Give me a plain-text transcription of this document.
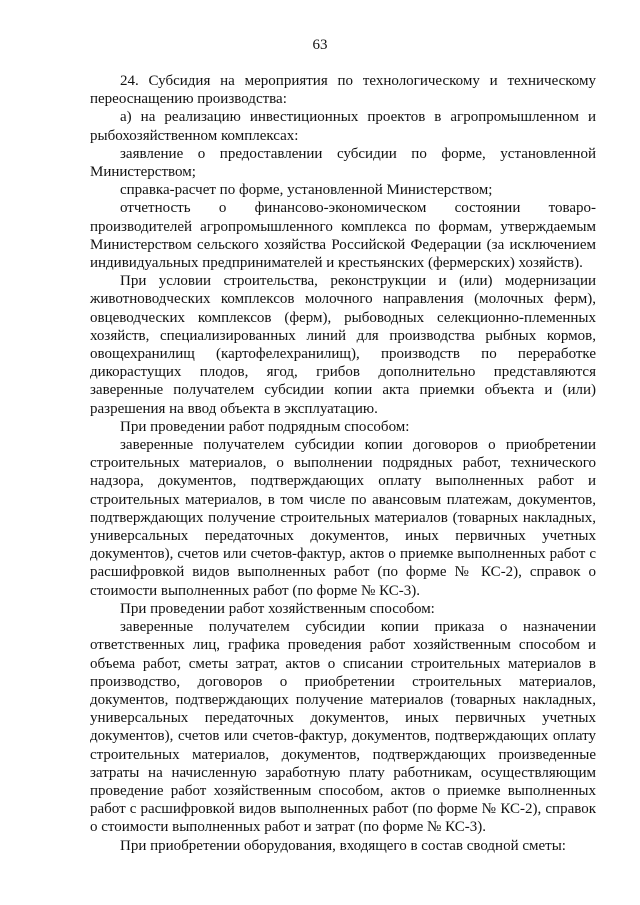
63

24. Субсидия на мероприятия по технологическому и техническому переоснащению производства:

а) на реализацию инвестиционных проектов в агропромышленном и рыбохозяйственном комплексах:

заявление о предоставлении субсидии по форме, установленной Министерством;

справка-расчет по форме, установленной Министерством;

отчетность о финансово-экономическом состоянии товаро-производителей агропромышленного комплекса по формам, утверждаемым Министерством сельского хозяйства Российской Федерации (за исключением индивидуальных предпринимателей и крестьянских (фермерских) хозяйств).

При условии строительства, реконструкции и (или) модернизации животноводческих комплексов молочного направления (молочных ферм), овцеводческих комплексов (ферм), рыбоводных селекционно-племенных хозяйств, специализированных линий для производства рыбных кормов, овощехранилищ (картофелехранилищ), производств по переработке дикорастущих плодов, ягод, грибов дополнительно представляются заверенные получателем субсидии копии акта приемки объекта и (или) разрешения на ввод объекта в эксплуатацию.

При проведении работ подрядным способом:

заверенные получателем субсидии копии договоров о приобретении строительных материалов, о выполнении подрядных работ, технического надзора, документов, подтверждающих оплату выполненных работ и строительных материалов, в том числе по авансовым платежам, документов, подтверждающих получение строительных материалов (товарных накладных, универсальных передаточных документов, иных первичных учетных документов), счетов или счетов-фактур, актов о приемке выполненных работ с расшифровкой видов выполненных работ (по форме № КС-2), справок о стоимости выполненных работ (по форме № КС-3).

При проведении работ хозяйственным способом:

заверенные получателем субсидии копии приказа о назначении ответственных лиц, графика проведения работ хозяйственным способом и объема работ, сметы затрат, актов о списании строительных материалов в производство, договоров о приобретении строительных материалов, документов, подтверждающих получение материалов (товарных накладных, универсальных передаточных документов, иных первичных учетных документов), счетов или счетов-фактур, документов, подтверждающих оплату строительных материалов, документов, подтверждающих произведенные затраты на начисленную заработную плату работникам, осуществляющим проведение работ хозяйственным способом, актов о приемке выполненных работ с расшифровкой видов выполненных работ (по форме № КС-2), справок о стоимости выполненных работ и затрат (по форме № КС-3).

При приобретении оборудования, входящего в состав сводной сметы:
